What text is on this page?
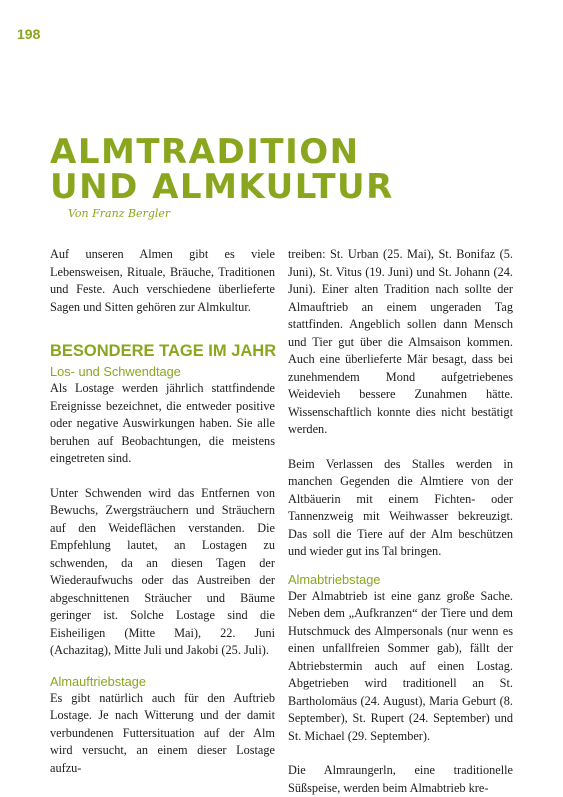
198
ALMTRADITION
UND ALMKULTUR
Von Franz Bergler

Auf unseren Almen gibt es viele Lebensweisen, Rituale, Bräuche, Traditionen und Feste. Auch verschiedene überlieferte Sagen und Sitten gehören zur Almkultur.

BESONDERE TAGE IM JAHR
Los- und Schwendtage

Als Lostage werden jährlich stattfindende Ereignisse bezeichnet, die entweder positive oder negative Auswirkungen haben. Sie alle beruhen auf Beobachtungen, die meistens eingetreten sind.

Unter Schwenden wird das Entfernen von Bewuchs, Zwergsträuchern und Sträuchern auf den Weideflächen verstanden. Die Empfehlung lautet, an Lostagen zu schwenden, da an diesen Tagen der Wiederaufwuchs oder das Austreiben der abgeschnittenen Sträucher und Bäume geringer ist. Solche Lostage sind die Eisheiligen (Mitte Mai), 22. Juni (Achazitag), Mitte Juli und Jakobi (25. Juli).

Almauftriebstage

Es gibt natürlich auch für den Auftrieb Lostage. Je nach Witterung und der damit verbundenen Futtersituation auf der Alm wird versucht, an einem dieser Lostage aufzu-

treiben: St. Urban (25. Mai), St. Bonifaz (5. Juni), St. Vitus (19. Juni) und St. Johann (24. Juni). Einer alten Tradition nach sollte der Almauftrieb an einem ungeraden Tag stattfinden. Angeblich sollen dann Mensch und Tier gut über die Almsaison kommen. Auch eine überlieferte Mär besagt, dass bei zunehmendem Mond aufgetriebenes Weidevieh bessere Zunahmen hätte. Wissenschaftlich konnte dies nicht bestätigt werden.

Beim Verlassen des Stalles werden in manchen Gegenden die Almtiere von der Altbäuerin mit einem Fichten- oder Tannenzweig mit Weihwasser bekreuzigt. Das soll die Tiere auf der Alm beschützen und wieder gut ins Tal bringen.

Almabtriebstage

Der Almabtrieb ist eine ganz große Sache. Neben dem „Aufkranzen“ der Tiere und dem Hutschmuck des Almpersonals (nur wenn es einen unfallfreien Sommer gab), fällt der Abtriebstermin auch auf einen Lostag. Abgetrieben wird traditionell an St. Bartholomäus (24. August), Maria Geburt (8. September), St. Rupert (24. September) und St. Michael (29. September).

Die Almraungerln, eine traditionelle Süßspeise, werden beim Almabtrieb kre-
